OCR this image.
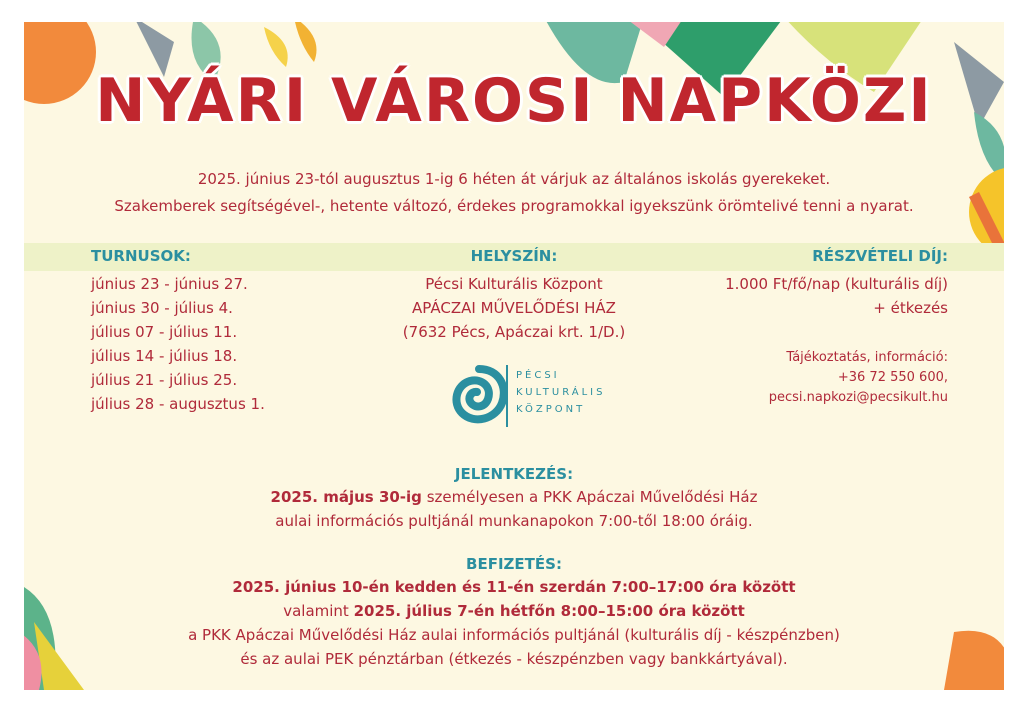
NYÁRI VÁROSI NAPKÖZI
2025. június 23-tól augusztus 1-ig 6 héten át várjuk az általános iskolás gyerekeket.
Szakemberek segítségével-, hetente változó, érdekes programokkal igyekszünk örömtelivé tenni a nyarat.
TURNUSOK:
június 23 - június 27.
június 30 - július 4.
július 07 - július 11.
július 14 - július 18.
július 21 - július 25.
július 28 - augusztus 1.
HELYSZÍN:
Pécsi Kulturális Központ
APÁCZAI MŰVELŐDÉSI HÁZ
(7632 Pécs, Apáczai krt. 1/D.)
PÉCSI
KULTURÁLIS
KÖZPONT
RÉSZVÉTELI DÍJ:
1.000 Ft/fő/nap (kulturális díj)
+ étkezés
Tájékoztatás, információ:
+36 72 550 600,
pecsi.napkozi@pecsikult.hu
JELENTKEZÉS:
2025. május 30-ig személyesen a PKK Apáczai Művelődési Ház
aulai információs pultjánál munkanapokon 7:00-től 18:00 óráig.
BEFIZETÉS:
2025. június 10-én kedden és 11-én szerdán 7:00–17:00 óra között
valamint 2025. július 7-én hétfőn 8:00–15:00 óra között
a PKK Apáczai Művelődési Ház aulai információs pultjánál (kulturális díj - készpénzben)
és az aulai PEK pénztárban (étkezés - készpénzben vagy bankkártyával).
